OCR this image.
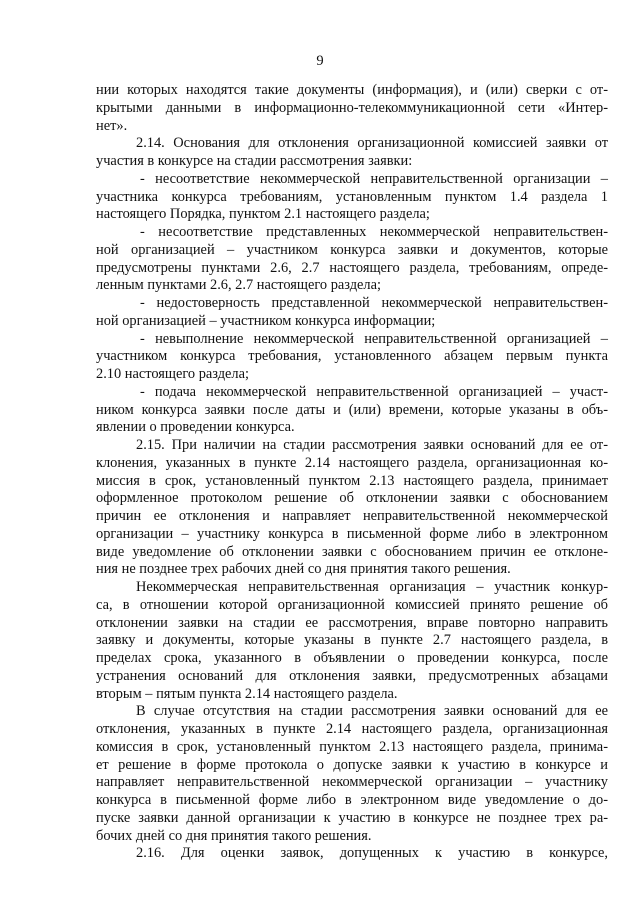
9
нии которых находятся такие документы (информация), и (или) сверки с от-
крытыми данными в информационно-телекоммуникационной сети «Интер-
нет».
2.14. Основания для отклонения организационной комиссией заявки от
участия в конкурсе на стадии рассмотрения заявки:
- несоответствие некоммерческой неправительственной организации –
участника конкурса требованиям, установленным пунктом 1.4 раздела 1
настоящего Порядка, пунктом 2.1 настоящего раздела;
- несоответствие представленных некоммерческой неправительствен-
ной организацией – участником конкурса заявки и документов, которые
предусмотрены пунктами 2.6, 2.7 настоящего раздела, требованиям, опреде-
ленным пунктами 2.6, 2.7 настоящего раздела;
- недостоверность представленной некоммерческой неправительствен-
ной организацией – участником конкурса информации;
- невыполнение некоммерческой неправительственной организацией –
участником конкурса требования, установленного абзацем первым пункта
2.10 настоящего раздела;
- подача некоммерческой неправительственной организацией – участ-
ником конкурса заявки после даты и (или) времени, которые указаны в объ-
явлении о проведении конкурса.
2.15. При наличии на стадии рассмотрения заявки оснований для ее от-
клонения, указанных в пункте 2.14 настоящего раздела, организационная ко-
миссия в срок, установленный пунктом 2.13 настоящего раздела, принимает
оформленное протоколом решение об отклонении заявки с обоснованием
причин ее отклонения и направляет неправительственной некоммерческой
организации – участнику конкурса в письменной форме либо в электронном
виде уведомление об отклонении заявки с обоснованием причин ее отклоне-
ния не позднее трех рабочих дней со дня принятия такого решения.
Некоммерческая неправительственная организация – участник конкур-
са, в отношении которой организационной комиссией принято решение об
отклонении заявки на стадии ее рассмотрения, вправе повторно направить
заявку и документы, которые указаны в пункте 2.7 настоящего раздела, в
пределах срока, указанного в объявлении о проведении конкурса, после
устранения оснований для отклонения заявки, предусмотренных абзацами
вторым – пятым пункта 2.14 настоящего раздела.
В случае отсутствия на стадии рассмотрения заявки оснований для ее
отклонения, указанных в пункте 2.14 настоящего раздела, организационная
комиссия в срок, установленный пунктом 2.13 настоящего раздела, принима-
ет решение в форме протокола о допуске заявки к участию в конкурсе и
направляет неправительственной некоммерческой организации – участнику
конкурса в письменной форме либо в электронном виде уведомление о до-
пуске заявки данной организации к участию в конкурсе не позднее трех ра-
бочих дней со дня принятия такого решения.
2.16. Для оценки заявок, допущенных к участию в конкурсе,
